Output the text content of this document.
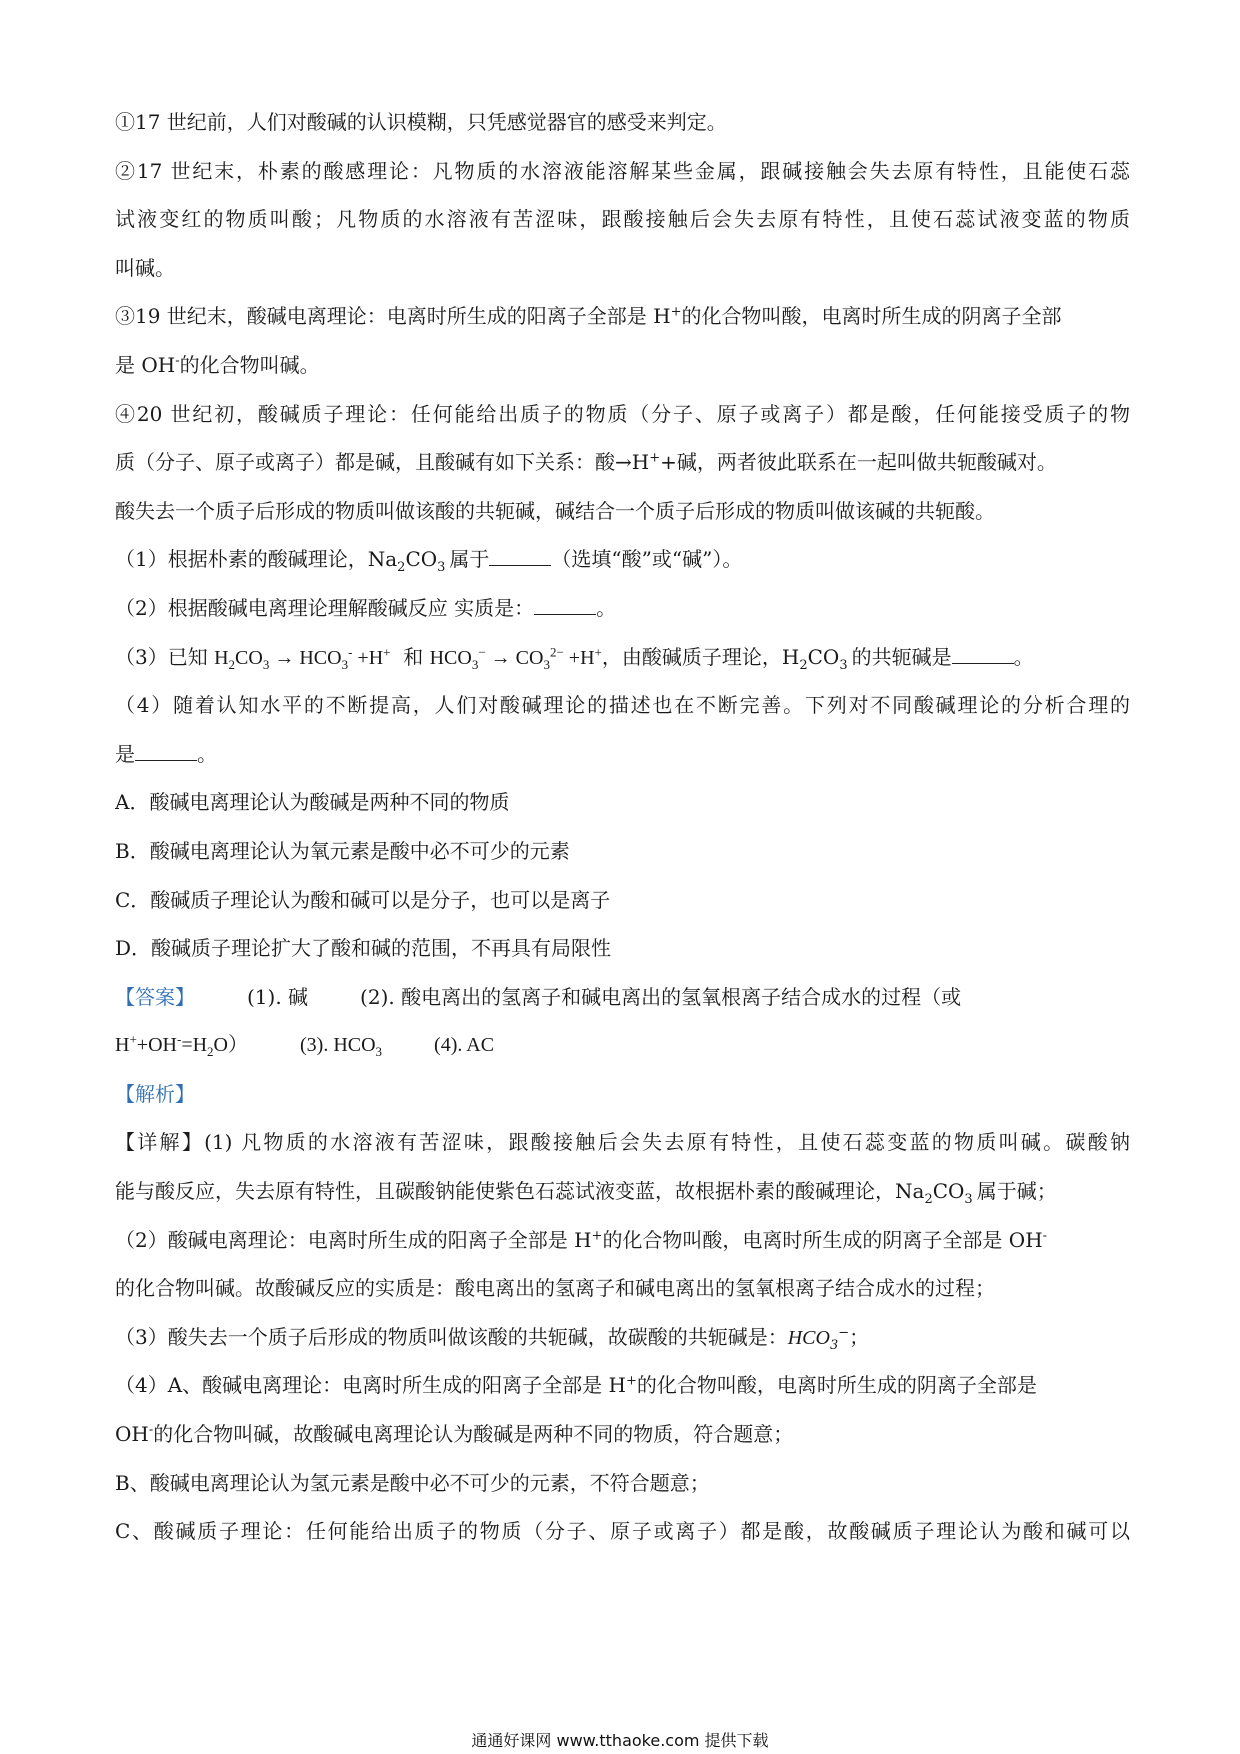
①17 世纪前，人们对酸碱的认识模糊，只凭感觉器官的感受来判定。
②17 世纪末，朴素的酸感理论：凡物质的水溶液能溶解某些金属，跟碱接触会失去原有特性，且能使石蕊
试液变红的物质叫酸；凡物质的水溶液有苦涩味，跟酸接触后会失去原有特性，且使石蕊试液变蓝的物质
叫碱。
③19 世纪末，酸碱电离理论：电离时所生成的阳离子全部是 H+的化合物叫酸，电离时所生成的阴离子全部
是 OH-的化合物叫碱。
④20 世纪初，酸碱质子理论：任何能给出质子的物质（分子、原子或离子）都是酸，任何能接受质子的物
质（分子、原子或离子）都是碱，且酸碱有如下关系：酸→H++碱，两者彼此联系在一起叫做共轭酸碱对。
酸失去一个质子后形成的物质叫做该酸的共轭碱，碱结合一个质子后形成的物质叫做该碱的共轭酸。
（1）根据朴素的酸碱理论，$Na_2CO_3$  属于	（选填“酸”或“碱”）。
（2）根据酸碱电离理论理解酸碱反应 实质是：	。
（3）已知 $H_2CO_3 \to HCO_3^- +H^+$ 和 $HCO_3^- \to CO_3^{2-} +H^+$，由酸碱质子理论，$H_2CO_3$  的共轭碱是	。
（4）随着认知水平的不断提高，人们对酸碱理论的描述也在不断完善。下列对不同酸碱理论的分析合理的
是	。
A．酸碱电离理论认为酸碱是两种不同的物质
B．酸碱电离理论认为氧元素是酸中必不可少的元素
C．酸碱质子理论认为酸和碱可以是分子，也可以是离子
D．酸碱质子理论扩大了酸和碱的范围，不再具有局限性
【答案】	(1). 碱	(2). 酸电离出的氢离子和碱电离出的氢氧根离子结合成水的过程（或
$H^++OH^-=H_2O$）	(3). $HCO_3$	(4). AC
【解析】
【详解】(1) 凡物质的水溶液有苦涩味，跟酸接触后会失去原有特性，且使石蕊变蓝的物质叫碱。碳酸钠
能与酸反应，失去原有特性，且碳酸钠能使紫色石蕊试液变蓝，故根据朴素的酸碱理论，$Na_2CO_3$  属于碱；
（2）酸碱电离理论：电离时所生成的阳离子全部是 H+的化合物叫酸，电离时所生成的阴离子全部是 OH-
的化合物叫碱。故酸碱反应的实质是：酸电离出的氢离子和碱电离出的氢氧根离子结合成水的过程；
（3）酸失去一个质子后形成的物质叫做该酸的共轭碱，故碳酸的共轭碱是：$HCO_3^-$；
（4）A、酸碱电离理论：电离时所生成的阳离子全部是 H+的化合物叫酸，电离时所生成的阴离子全部是
OH-的化合物叫碱，故酸碱电离理论认为酸碱是两种不同的物质，符合题意；
B、酸碱电离理论认为氢元素是酸中必不可少的元素，不符合题意；
C、酸碱质子理论：任何能给出质子的物质（分子、原子或离子）都是酸，故酸碱质子理论认为酸和碱可以
通通好课网 www.tthaoke.com 提供下载
